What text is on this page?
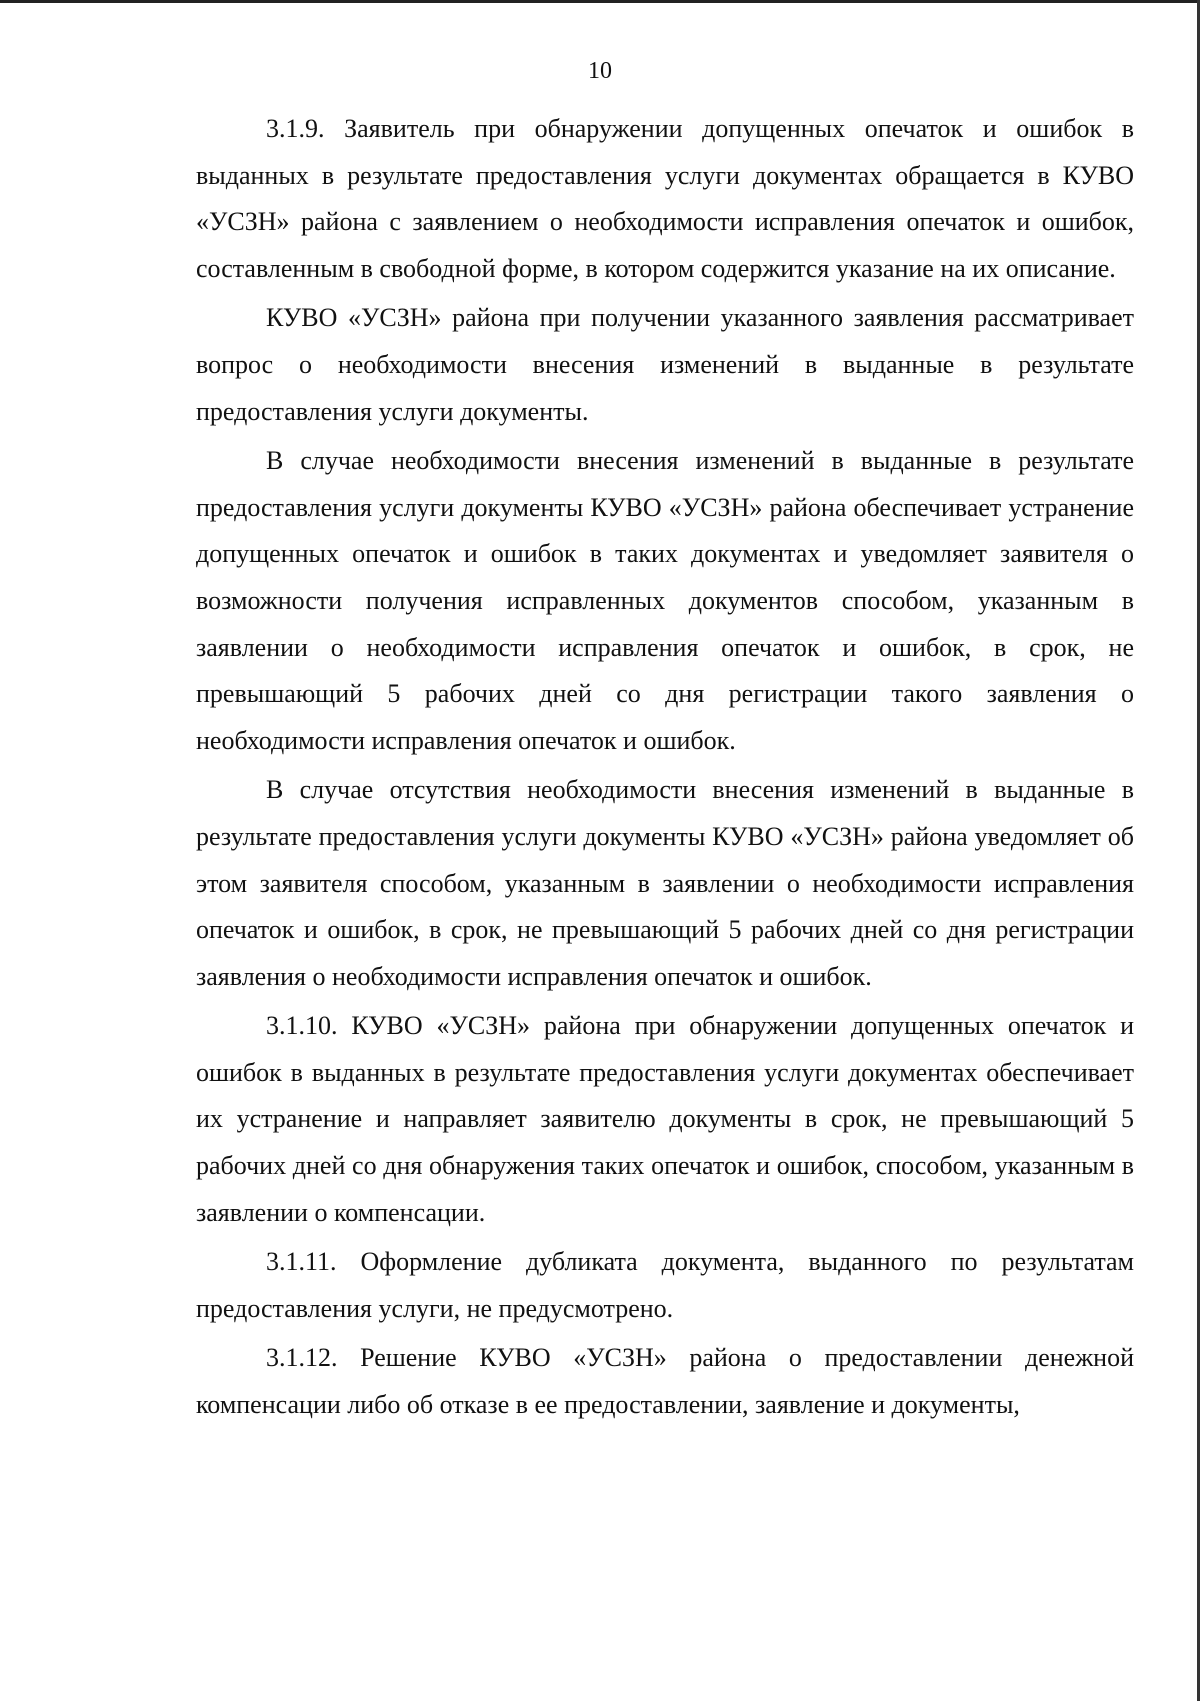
10

3.1.9. Заявитель при обнаружении допущенных опечаток и ошибок в выданных в результате предоставления услуги документах обращается в КУВО «УСЗН» района с заявлением о необходимости исправления опечаток и ошибок, составленным в свободной форме, в котором содержится указание на их описание.

КУВО «УСЗН» района при получении указанного заявления рассматривает вопрос о необходимости внесения изменений в выданные в результате предоставления услуги документы.

В случае необходимости внесения изменений в выданные в результате предоставления услуги документы КУВО «УСЗН» района обеспечивает устранение допущенных опечаток и ошибок в таких документах и уведомляет заявителя о возможности получения исправленных документов способом, указанным в заявлении о необходимости исправления опечаток и ошибок, в срок, не превышающий 5 рабочих дней со дня регистрации такого заявления о необходимости исправления опечаток и ошибок.

В случае отсутствия необходимости внесения изменений в выданные в результате предоставления услуги документы КУВО «УСЗН» района уведомляет об этом заявителя способом, указанным в заявлении о необходимости исправления опечаток и ошибок, в срок, не превышающий 5 рабочих дней со дня регистрации заявления о необходимости исправления опечаток и ошибок.

3.1.10. КУВО «УСЗН» района при обнаружении допущенных опечаток и ошибок в выданных в результате предоставления услуги документах обеспечивает их устранение и направляет заявителю документы в срок, не превышающий 5 рабочих дней со дня обнаружения таких опечаток и ошибок, способом, указанным в заявлении о компенсации.

3.1.11. Оформление дубликата документа, выданного по результатам предоставления услуги, не предусмотрено.

3.1.12. Решение КУВО «УСЗН» района о предоставлении денежной компенсации либо об отказе в ее предоставлении, заявление и документы,
